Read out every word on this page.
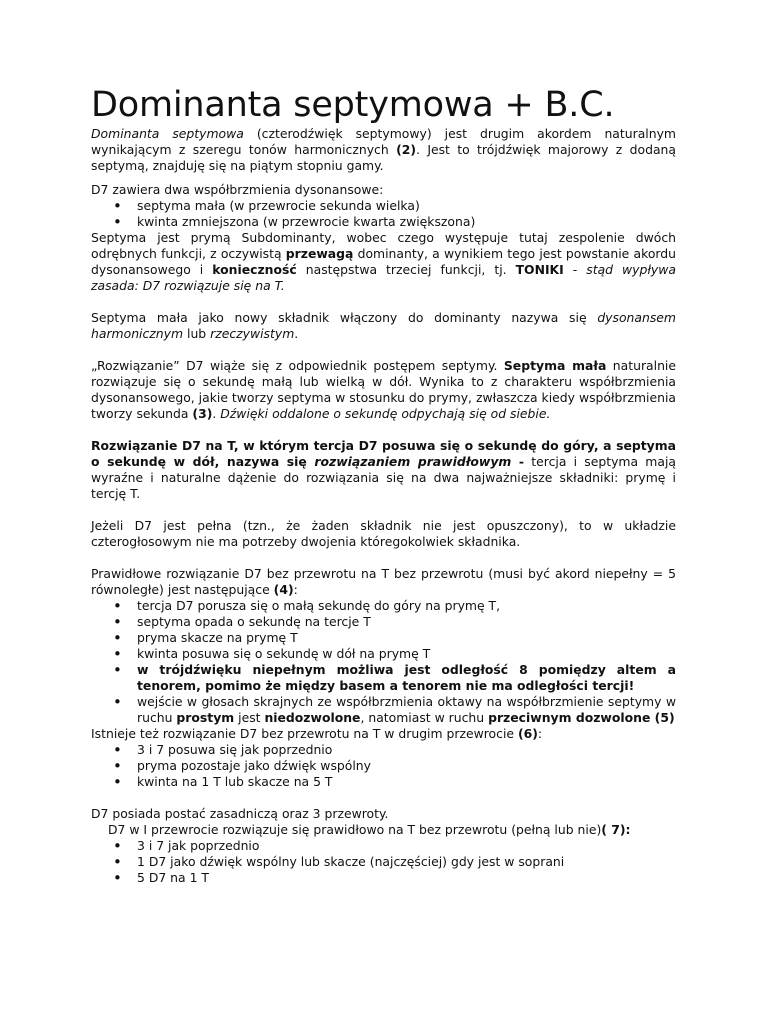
Dominanta septymowa + B.C.

Dominanta septymowa (czterodźwięk septymowy) jest drugim akordem naturalnym wynikającym z szeregu tonów harmonicznych (2). Jest to trójdźwięk majorowy z dodaną septymą, znajduję się na piątym stopniu gamy.

D7 zawiera dwa współbrzmienia dysonansowe:

• septyma mała (w przewrocie sekunda wielka)
• kwinta zmniejszona (w przewrocie kwarta zwiększona)

Septyma jest prymą Subdominanty, wobec czego występuje tutaj zespolenie dwóch odrębnych funkcji, z oczywistą przewagą dominanty, a wynikiem tego jest powstanie akordu dysonansowego i konieczność następstwa trzeciej funkcji, tj. TONIKI - stąd wypływa zasada: D7 rozwiązuje się na T.

Septyma mała jako nowy składnik włączony do dominanty nazywa się dysonansem harmonicznym lub rzeczywistym.

„Rozwiązanie” D7 wiąże się z odpowiednik postępem septymy. Septyma mała naturalnie rozwiązuje się o sekundę małą lub wielką w dół. Wynika to z charakteru współbrzmienia dysonansowego, jakie tworzy septyma w stosunku do prymy, zwłaszcza kiedy współbrzmienia tworzy sekunda (3). Dźwięki oddalone o sekundę odpychają się od siebie.

Rozwiązanie D7 na T, w którym tercja D7 posuwa się o sekundę do góry, a septyma o sekundę w dół, nazywa się rozwiązaniem prawidłowym - tercja i septyma mają wyraźne i naturalne dążenie do rozwiązania się na dwa najważniejsze składniki: prymę i tercję T.

Jeżeli D7 jest pełna (tzn., że żaden składnik nie jest opuszczony), to w układzie czterogłosowym nie ma potrzeby dwojenia któregokolwiek składnika.

Prawidłowe rozwiązanie D7 bez przewrotu na T bez przewrotu (musi być akord niepełny = 5 równoległe) jest następujące (4):

• tercja D7 porusza się o małą sekundę do góry na prymę T,
• septyma opada o sekundę na tercje T
• pryma skacze na prymę T
• kwinta posuwa się o sekundę w dół na prymę T
• w trójdźwięku niepełnym możliwa jest odległość 8 pomiędzy altem a tenorem, pomimo że między basem a tenorem nie ma odległości tercji!
• wejście w głosach skrajnych ze współbrzmienia oktawy na współbrzmienie septymy w ruchu prostym jest niedozwolone, natomiast w ruchu przeciwnym dozwolone (5)

Istnieje też rozwiązanie D7 bez przewrotu na T w drugim przewrocie (6):

• 3 i 7 posuwa się jak poprzednio
• pryma pozostaje jako dźwięk wspólny
• kwinta na 1 T lub skacze na 5 T

D7 posiada postać zasadniczą oraz 3 przewroty.

D7 w I przewrocie rozwiązuje się prawidłowo na T bez przewrotu (pełną lub nie)( 7):

• 3 i 7 jak poprzednio
• 1 D7 jako dźwięk wspólny lub skacze (najczęściej) gdy jest w soprani
• 5 D7 na 1 T
